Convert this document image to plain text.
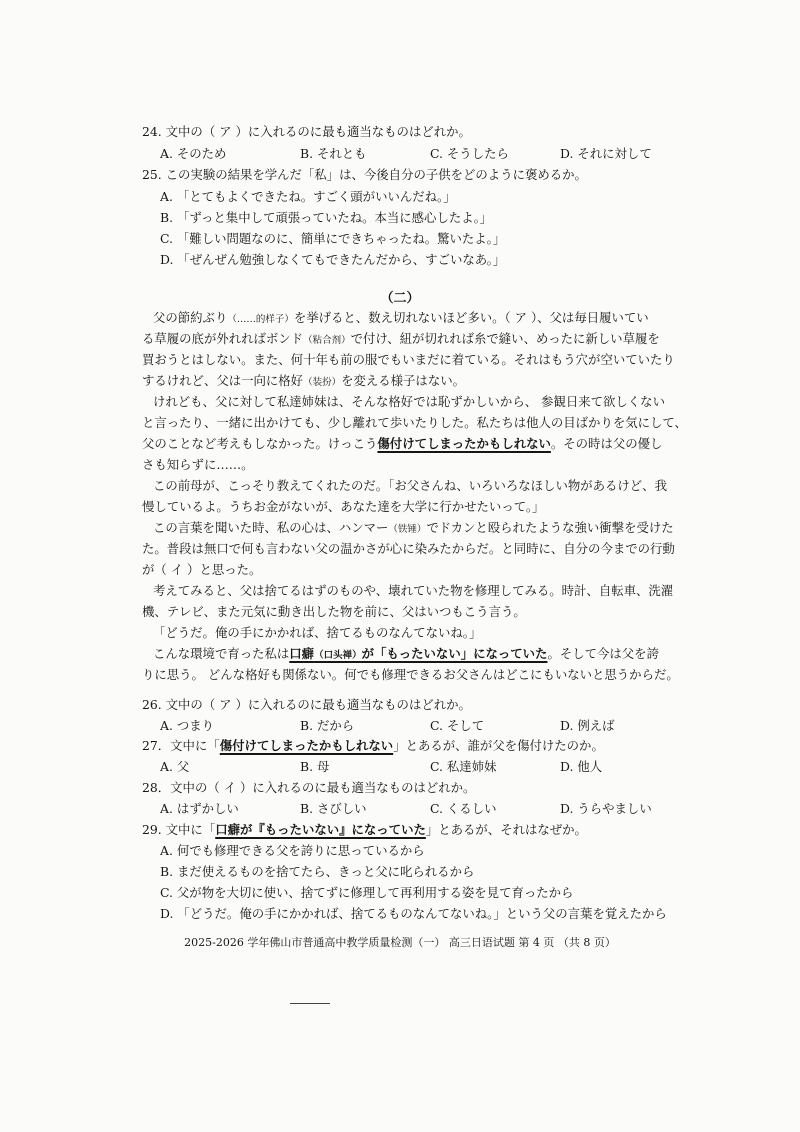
24. 文中の（ ア ）に入れるのに最も適当なものはどれか。
A. そのため	B. それとも	C. そうしたら	D. それに対して
25. この実験の結果を学んだ「私」は、今後自分の子供をどのように褒めるか。
A. 「とてもよくできたね。すごく頭がいいんだね。」
B. 「ずっと集中して頑張っていたね。本当に感心したよ。」
C. 「難しい問題なのに、簡単にできちゃったね。驚いたよ。」
D. 「ぜんぜん勉強しなくてもできたんだから、すごいなあ。」
（二）
父の節約ぶり（……的样子）を挙げると、数え切れないほど多い。（ ア ）、父は毎日履いてい
る草履の底が外れればボンド（粘合剂）で付け、紐が切れれば糸で縫い、めったに新しい草履を
買おうとはしない。また、何十年も前の服でもいまだに着ている。それはもう穴が空いていたり
するけれど、父は一向に格好（装扮）を変える様子はない。
けれども、父に対して私達姉妹は、そんな格好では恥ずかしいから、 参観日来て欲しくない
と言ったり、一緒に出かけても、少し離れて歩いたりした。私たちは他人の目ばかりを気にして、
父のことなど考えもしなかった。けっこう傷付けてしまったかもしれない。その時は父の優し
さも知らずに……。
この前母が、こっそり教えてくれたのだ。「お父さんね、いろいろなほしい物があるけど、我
慢しているよ。うちお金がないが、あなた達を大学に行かせたいって。」
この言葉を聞いた時、私の心は、ハンマー（铁锤）でドカンと殴られたような強い衝撃を受けた
た。普段は無口で何も言わない父の温かさが心に染みたからだ。と同時に、自分の今までの行動
が（ イ ）と思った。
考えてみると、父は捨てるはずのものや、壊れていた物を修理してみる。時計、自転車、洗濯
機、テレビ、また元気に動き出した物を前に、父はいつもこう言う。
「どうだ。俺の手にかかれば、捨てるものなんてないね。」
こんな環境で育った私は口癖（口头禅）が「もったいない」になっていた。そして今は父を誇
りに思う。 どんな格好も関係ない。何でも修理できるお父さんはどこにもいないと思うからだ。
26. 文中の（ ア ）に入れるのに最も適当なものはどれか。
A. つまり	B. だから	C. そして	D. 例えば
27．文中に「傷付けてしまったかもしれない」とあるが、誰が父を傷付けたのか。
A. 父	B. 母	C. 私達姉妹	D. 他人
28．文中の（ イ ）に入れるのに最も適当なものはどれか。
A. はずかしい	B. さびしい	C. くるしい	D. うらやましい
29. 文中に「口癖が『もったいない』になっていた」とあるが、それはなぜか。
A. 何でも修理できる父を誇りに思っているから
B. まだ使えるものを捨てたら、きっと父に叱られるから
C. 父が物を大切に使い、捨てずに修理して再利用する姿を見て育ったから
D. 「どうだ。俺の手にかかれば、捨てるものなんてないね。」という父の言葉を覚えたから
2025-2026 学年佛山市普通高中教学质量检测（一） 高三日语试题 第 4 页 （共 8 页）
